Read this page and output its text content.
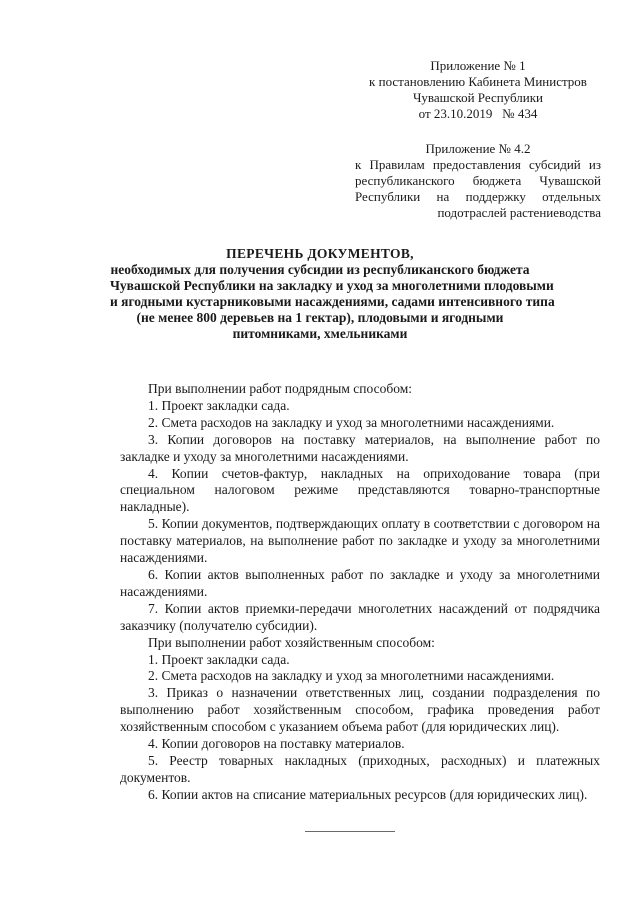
Приложение № 1
к постановлению Кабинета Министров
Чувашской Республики
от 23.10.2019   № 434
Приложение № 4.2
к Правилам предоставления субсидий из республиканского бюджета Чувашской Республики на поддержку отдельных подотраслей растениеводства
ПЕРЕЧЕНЬ ДОКУМЕНТОВ,
необходимых для получения субсидии из республиканского бюджета
Чувашской Республики на закладку и уход за многолетними плодовыми
и ягодными кустарниковыми насаждениями, садами интенсивного типа
(не менее 800 деревьев на 1 гектар), плодовыми и ягодными
питомниками, хмельниками

При выполнении работ подрядным способом:

1. Проект закладки сада.

2. Смета расходов на закладку и уход за многолетними насаждениями.

3. Копии договоров на поставку материалов, на выполнение работ по закладке и уходу за многолетними насаждениями.

4. Копии счетов-фактур, накладных на оприходование товара (при специальном налоговом режиме представляются товарно-транспортные накладные).

5. Копии документов, подтверждающих оплату в соответствии с договором на поставку материалов, на выполнение работ по закладке и уходу за многолетними насаждениями.

6. Копии актов выполненных работ по закладке и уходу за многолетними насаждениями.

7. Копии актов приемки-передачи многолетних насаждений от подрядчика заказчику (получателю субсидии).

При выполнении работ хозяйственным способом:

1. Проект закладки сада.

2. Смета расходов на закладку и уход за многолетними насаждениями.

3. Приказ о назначении ответственных лиц, создании подразделения по выполнению работ хозяйственным способом, графика проведения работ хозяйственным способом с указанием объема работ (для юридических лиц).

4. Копии договоров на поставку материалов.

5. Реестр товарных накладных (приходных, расходных) и платежных документов.

6. Копии актов на списание материальных ресурсов (для юридических лиц).
